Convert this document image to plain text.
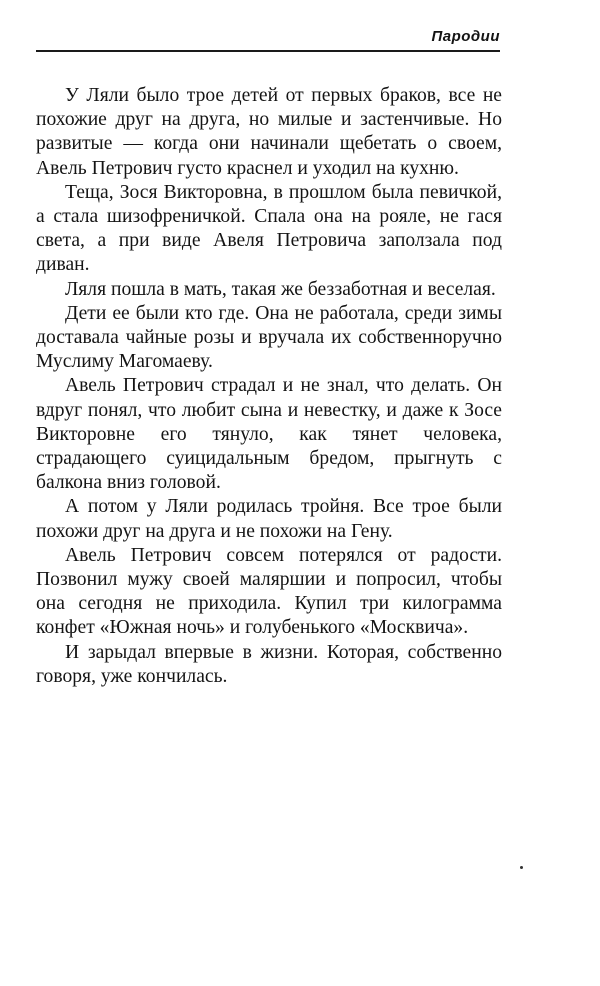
Пародии

У Ляли было трое детей от первых браков, все не похожие друг на друга, но милые и застенчивые. Но развитые — когда они начинали щебетать о своем, Авель Петрович густо краснел и уходил на кухню.

Теща, Зося Викторовна, в прошлом была певичкой, а стала шизофреничкой. Спала она на рояле, не гася света, а при виде Авеля Петровича заползала под диван.

Ляля пошла в мать, такая же беззаботная и веселая.

Дети ее были кто где. Она не работала, среди зимы доставала чайные розы и вручала их собственноручно Муслиму Магомаеву.

Авель Петрович страдал и не знал, что делать. Он вдруг понял, что любит сына и невестку, и даже к Зосе Викторовне его тянуло, как тянет человека, страдающего суицидальным бредом, прыгнуть с балкона вниз головой.

А потом у Ляли родилась тройня. Все трое были похожи друг на друга и не похожи на Гену.

Авель Петрович совсем потерялся от радости. Позвонил мужу своей маляршии и попросил, чтобы она сегодня не приходила. Купил три килограмма конфет «Южная ночь» и голубенького «Москвича».

И зарыдал впервые в жизни. Которая, собственно говоря, уже кончилась.
